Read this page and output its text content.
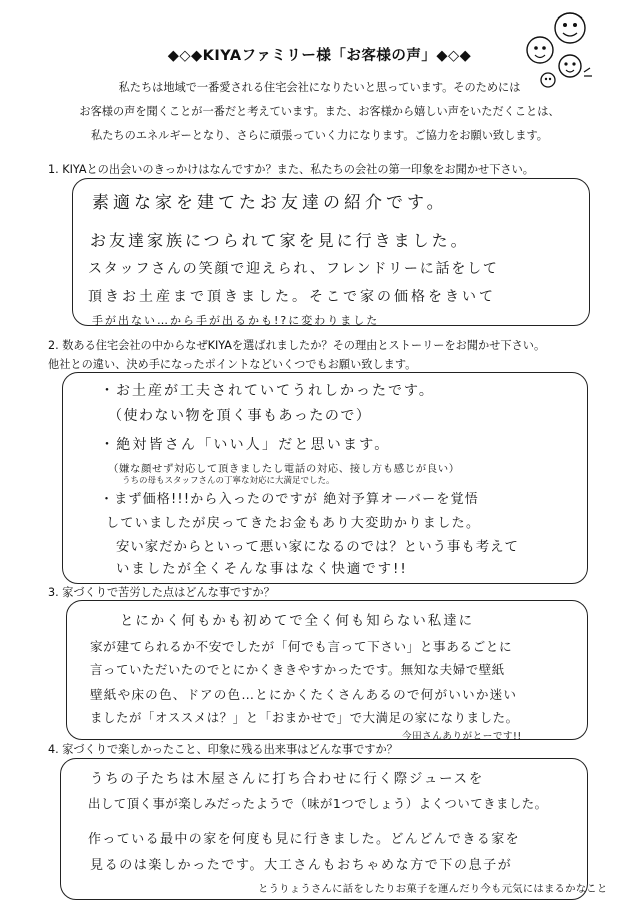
◆◇◆KIYAファミリー様「お客様の声」◆◇◆
私たちは地域で一番愛される住宅会社になりたいと思っています。そのためには
お客様の声を聞くことが一番だと考えています。また、お客様から嬉しい声をいただくことは、
私たちのエネルギーとなり、さらに頑張っていく力になります。ご協力をお願い致します。
1. KIYAとの出会いのきっかけはなんですか？また、私たちの会社の第一印象をお聞かせ下さい。
素適な家を建てたお友達の紹介です。
お友達家族につられて家を見に行きました。
スタッフさんの笑顔で迎えられ、フレンドリーに話をして
頂きお土産まで頂きました。そこで家の価格をきいて
手が出ない…から手が出るかも!?に変わりました
2. 数ある住宅会社の中からなぜKIYAを選ばれましたか？その理由とストーリーをお聞かせ下さい。
他社との違い、決め手になったポイントなどいくつでもお願い致します。
・お土産が工夫されていてうれしかったです。
（使わない物を頂く事もあったので）
・絶対皆さん「いい人」だと思います。
（嫌な顔せず対応して頂きましたし電話の対応、接し方も感じが良い）
うちの母もスタッフさんの丁寧な対応に大満足でした。
・まず価格!!!から入ったのですが 絶対予算オーバーを覚悟
していましたが戻ってきたお金もあり大変助かりました。
安い家だからといって悪い家になるのでは？という事も考えて
いましたが全くそんな事はなく快適です!!
3. 家づくりで苦労した点はどんな事ですか？
とにかく何もかも初めてで全く何も知らない私達に
家が建てられるか不安でしたが「何でも言って下さい」と事あるごとに
言っていただいたのでとにかくききやすかったです。無知な夫婦で壁紙
壁紙や床の色、ドアの色…とにかくたくさんあるので何がいいか迷い
ましたが「オススメは？」と「おまかせで」で大満足の家になりました。
今田さんありがとーです!!
4. 家づくりで楽しかったこと、印象に残る出来事はどんな事ですか？
うちの子たちは木屋さんに打ち合わせに行く際ジュースを
出して頂く事が楽しみだったようで（味が1つでしょう）よくついてきました。
作っている最中の家を何度も見に行きました。どんどんできる家を
見るのは楽しかったです。大工さんもおちゃめな方で下の息子が
とうりょうさんに話をしたりお菓子を運んだり今も元気にはまるかなこと
